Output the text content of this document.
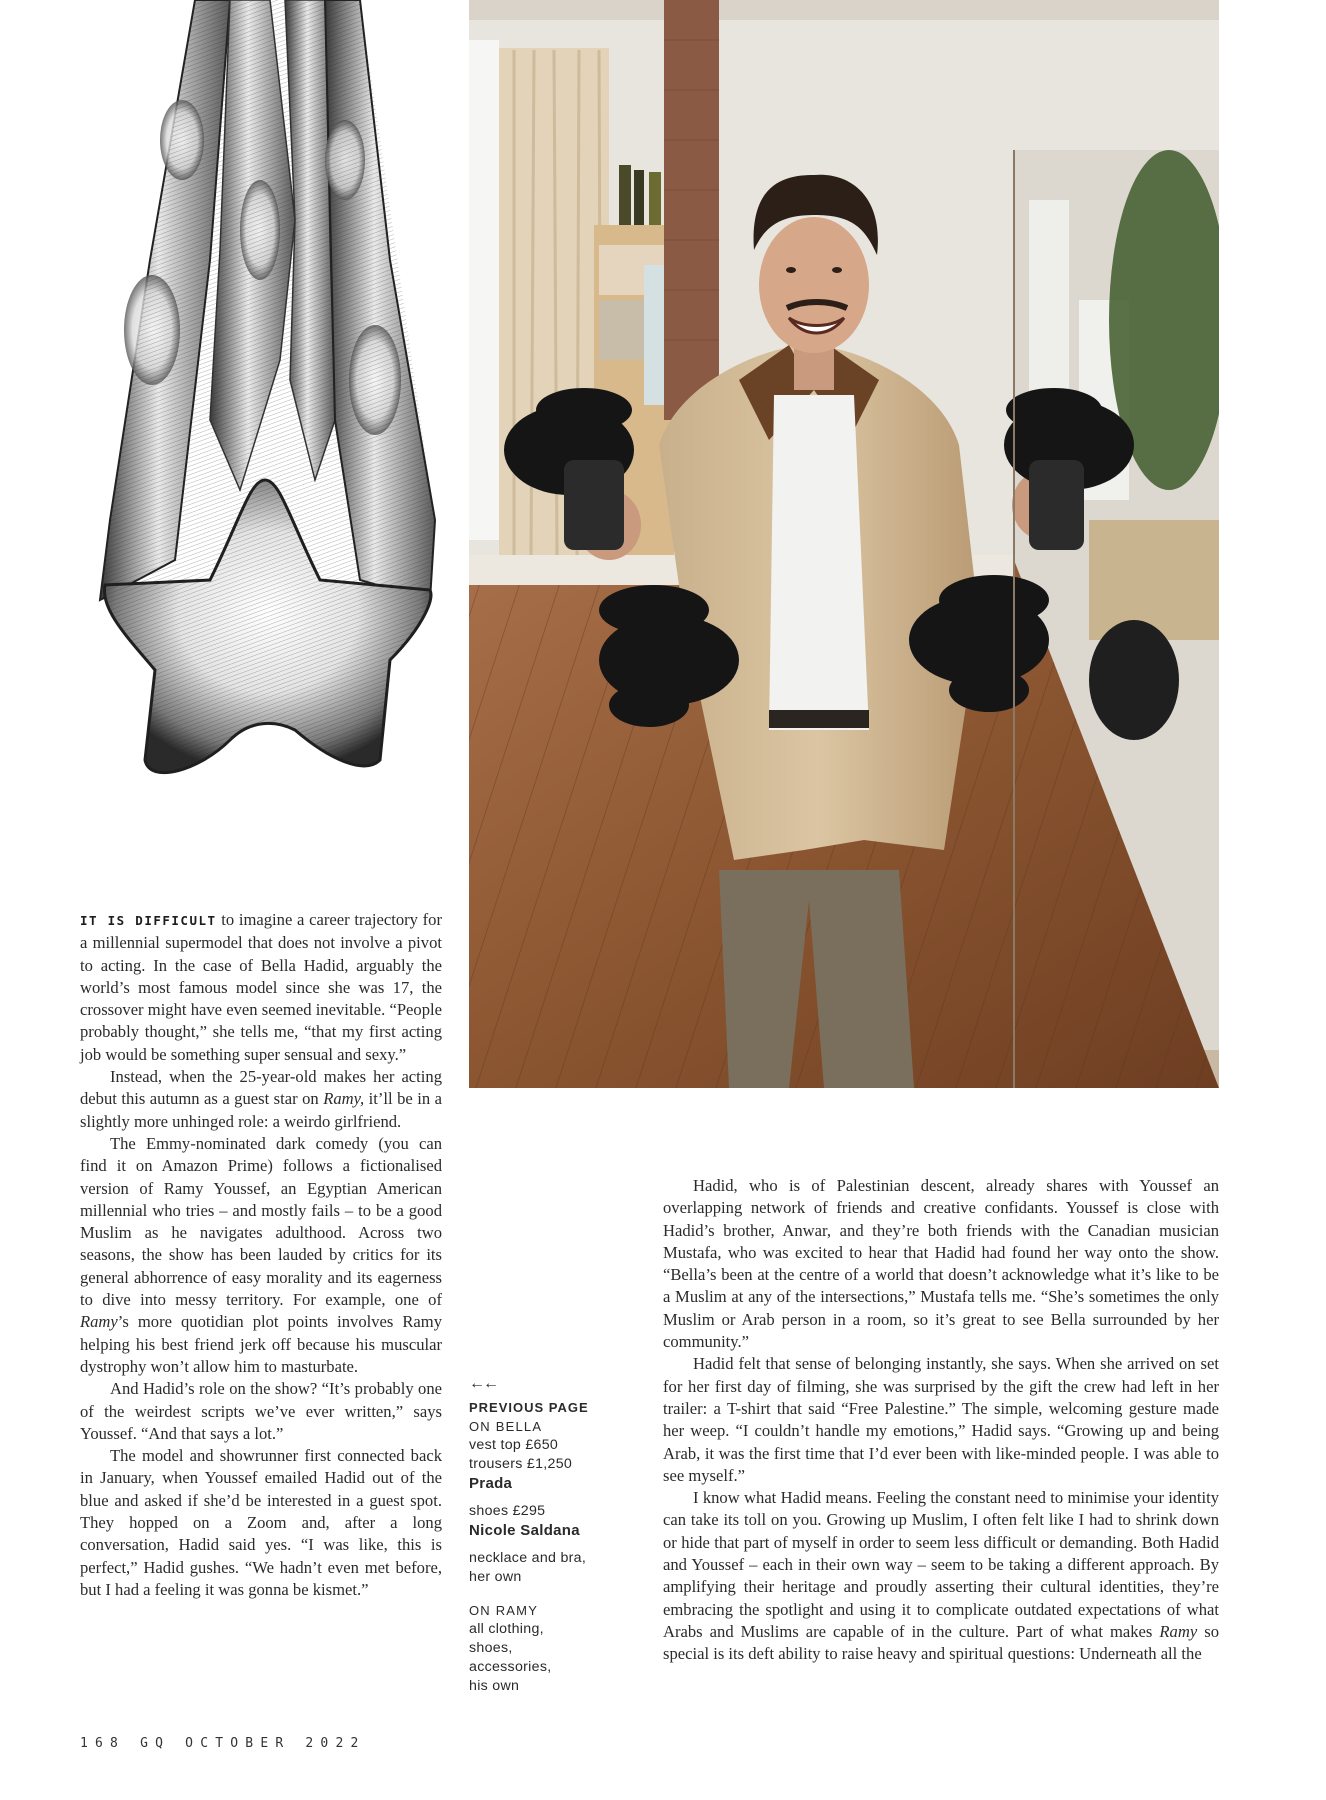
IT IS DIFFICULT to imagine a career trajectory for a millennial supermodel that does not involve a pivot to acting. In the case of Bella Hadid, arguably the world’s most famous model since she was 17, the crossover might have even seemed inevitable. “People probably thought,” she tells me, “that my first acting job would be something super sensual and sexy.”

Instead, when the 25-year-old makes her acting debut this autumn as a guest star on Ramy, it’ll be in a slightly more unhinged role: a weirdo girlfriend.

The Emmy-nominated dark comedy (you can find it on Amazon Prime) follows a fictionalised version of Ramy Youssef, an Egyptian American millennial who tries – and mostly fails – to be a good Muslim as he navigates adulthood. Across two seasons, the show has been lauded by critics for its general abhorrence of easy morality and its eagerness to dive into messy territory. For example, one of Ramy’s more quotidian plot points involves Ramy helping his best friend jerk off because his muscular dystrophy won’t allow him to masturbate.

And Hadid’s role on the show? “It’s probably one of the weirdest scripts we’ve ever written,” says Youssef. “And that says a lot.”

The model and showrunner first connected back in January, when Youssef emailed Hadid out of the blue and asked if she’d be interested in a guest spot. They hopped on a Zoom and, after a long conversation, Hadid said yes. “I was like, this is perfect,” Hadid gushes. “We hadn’t even met before, but I had a feeling it was gonna be kismet.”

←←
PREVIOUS PAGE
ON BELLA
vest top £650
trousers £1,250
Prada
shoes £295
Nicole Saldana
necklace and bra,
her own
ON RAMY
all clothing,
shoes,
accessories,
his own

Hadid, who is of Palestinian descent, already shares with Youssef an overlapping network of friends and creative confidants. Youssef is close with Hadid’s brother, Anwar, and they’re both friends with the Canadian musician Mustafa, who was excited to hear that Hadid had found her way onto the show. “Bella’s been at the centre of a world that doesn’t acknowledge what it’s like to be a Muslim at any of the intersections,” Mustafa tells me. “She’s sometimes the only Muslim or Arab person in a room, so it’s great to see Bella surrounded by her community.”

Hadid felt that sense of belonging instantly, she says. When she arrived on set for her first day of filming, she was surprised by the gift the crew had left in her trailer: a T-shirt that said “Free Palestine.” The simple, welcoming gesture made her weep. “I couldn’t handle my emotions,” Hadid says. “Growing up and being Arab, it was the first time that I’d ever been with like-minded people. I was able to see myself.”

I know what Hadid means. Feeling the constant need to minimise your identity can take its toll on you. Growing up Muslim, I often felt like I had to shrink down or hide that part of myself in order to seem less difficult or demanding. Both Hadid and Youssef – each in their own way – seem to be taking a different approach. By amplifying their heritage and proudly asserting their cultural identities, they’re embracing the spotlight and using it to complicate outdated expectations of what Arabs and Muslims are capable of in the culture. Part of what makes Ramy so special is its deft ability to raise heavy and spiritual questions: Underneath all the

168 GQ OCTOBER 2022
